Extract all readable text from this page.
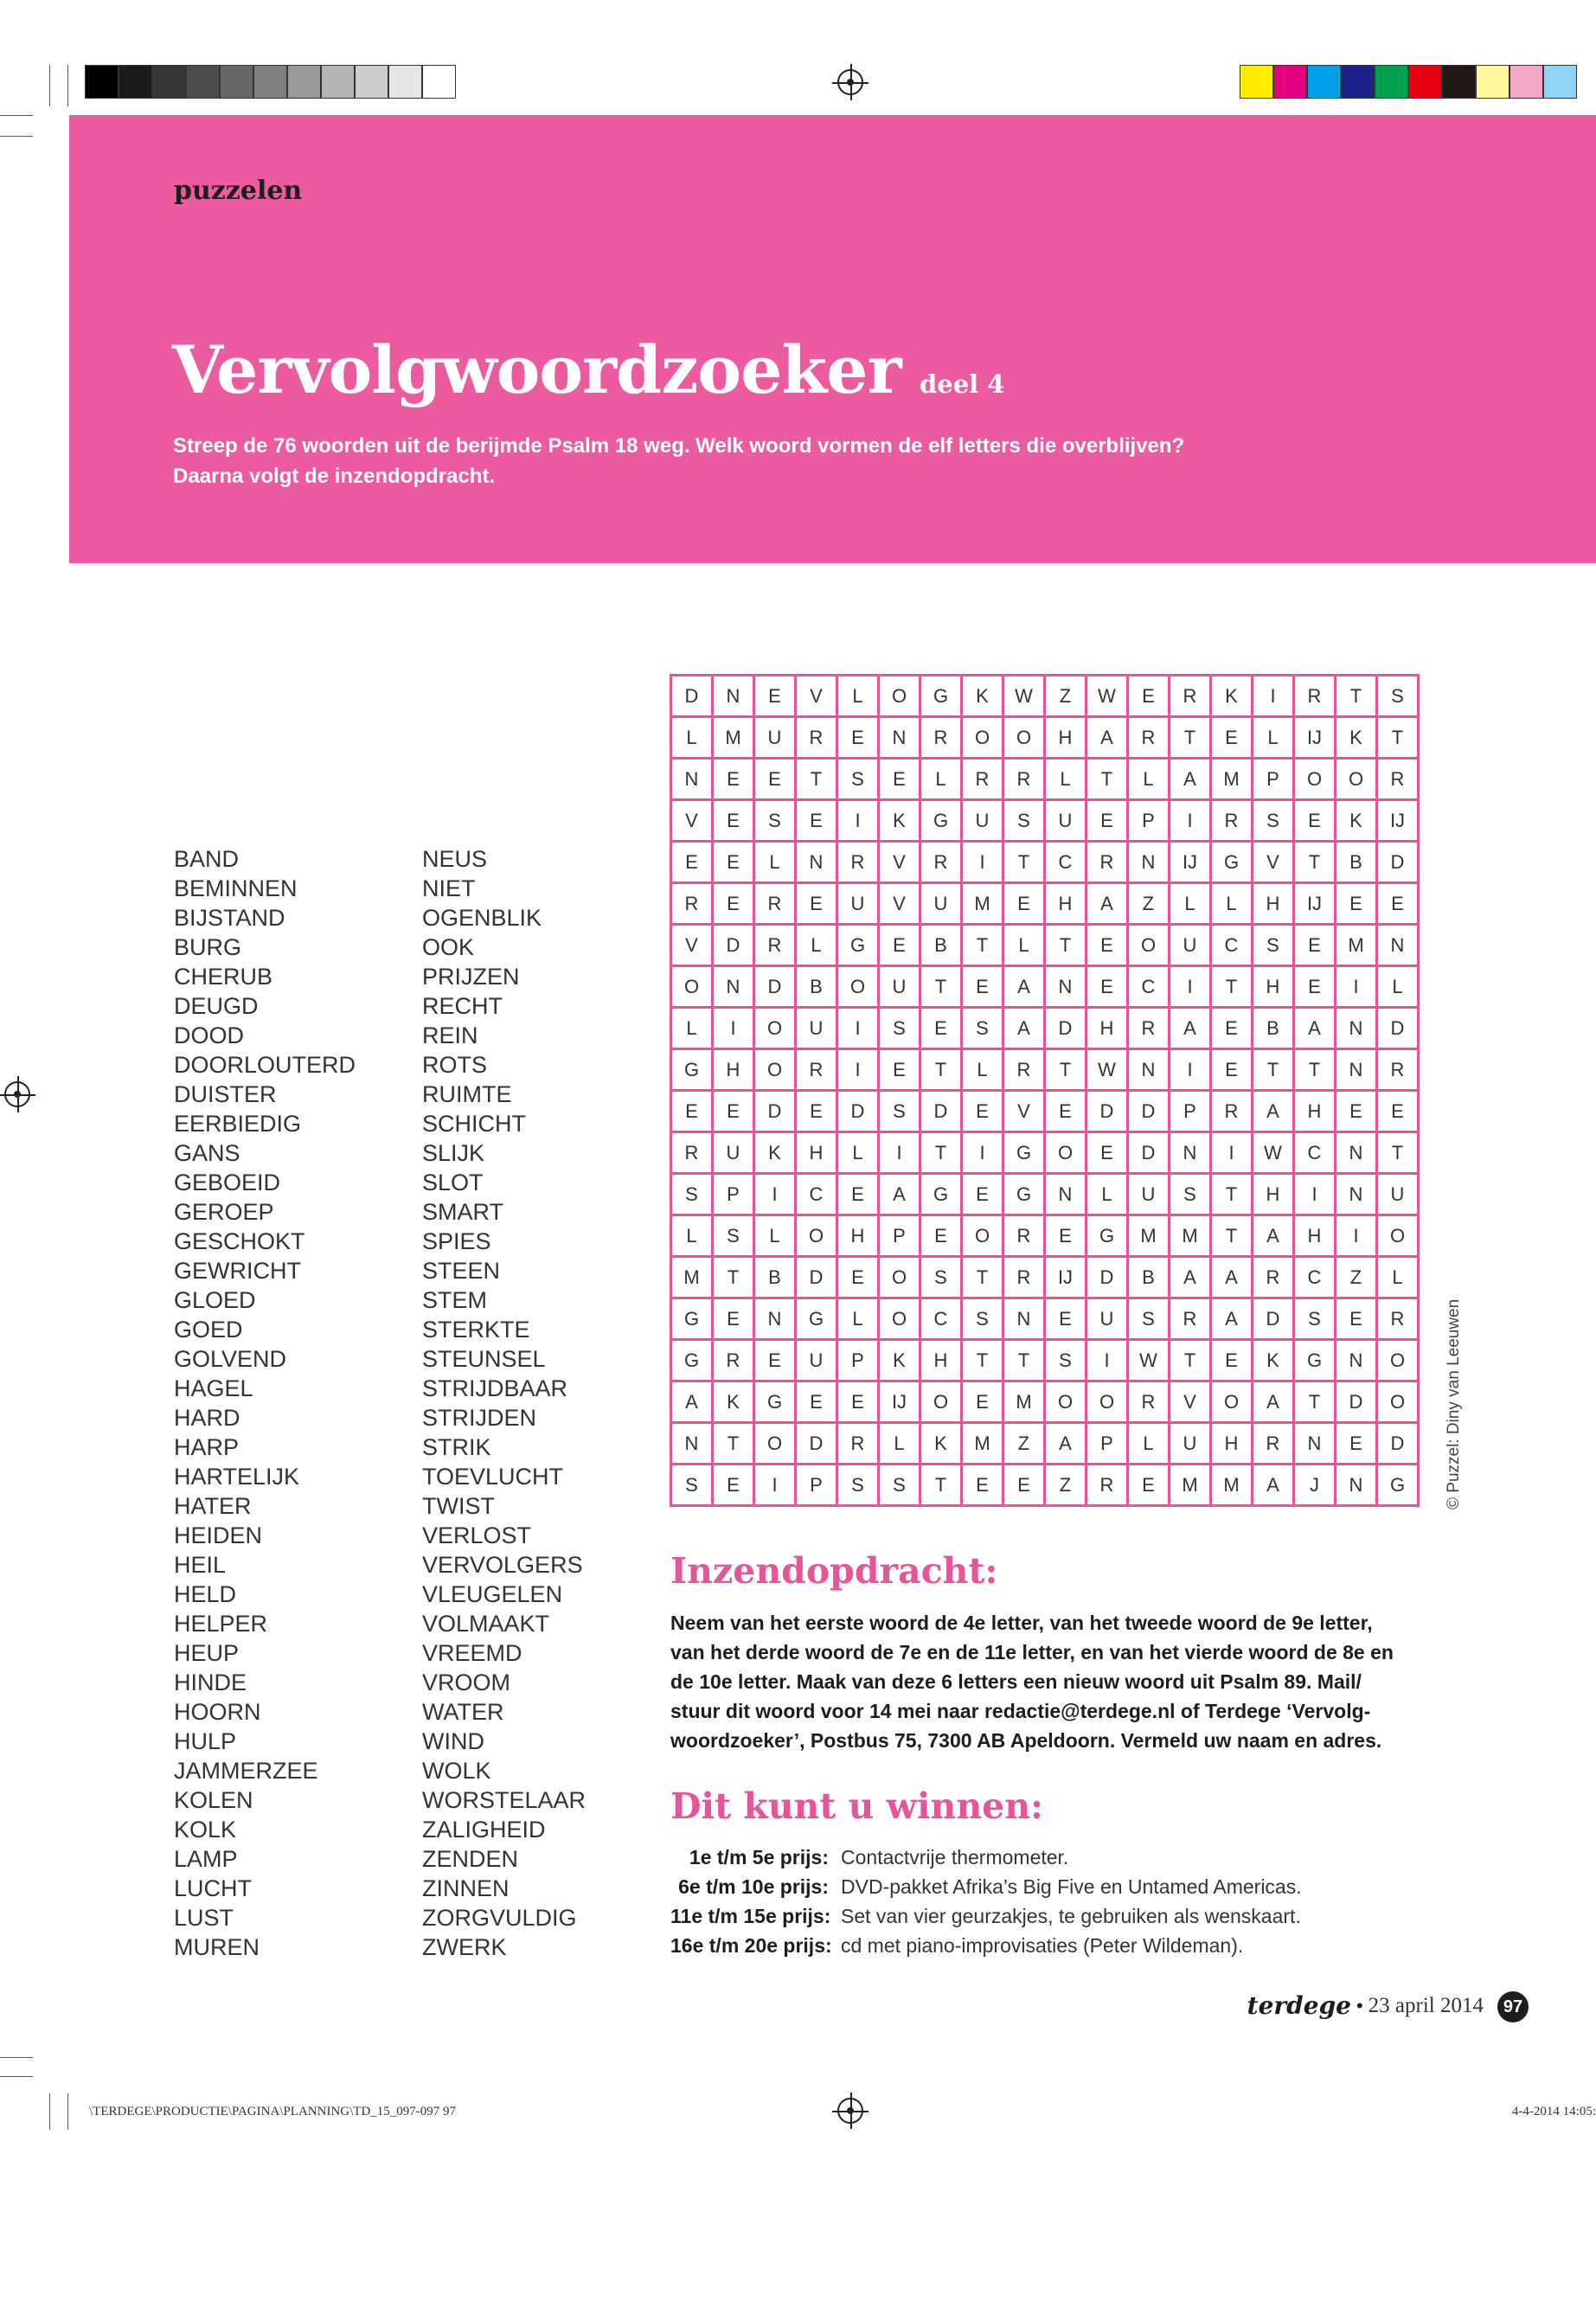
puzzelen
Vervolgwoordzoeker deel 4
Streep de 76 woorden uit de berijmde Psalm 18 weg. Welk woord vormen de elf letters die overblijven?
Daarna volgt de inzendopdracht.
BAND
BEMINNEN
BIJSTAND
BURG
CHERUB
DEUGD
DOOD
DOORLOUTERD
DUISTER
EERBIEDIG
GANS
GEBOEID
GEROEP
GESCHOKT
GEWRICHT
GLOED
GOED
GOLVEND
HAGEL
HARD
HARP
HARTELIJK
HATER
HEIDEN
HEIL
HELD
HELPER
HEUP
HINDE
HOORN
HULP
JAMMERZEE
KOLEN
KOLK
LAMP
LUCHT
LUST
MUREN
NEUS
NIET
OGENBLIK
OOK
PRIJZEN
RECHT
REIN
ROTS
RUIMTE
SCHICHT
SLIJK
SLOT
SMART
SPIES
STEEN
STEM
STERKTE
STEUNSEL
STRIJDBAAR
STRIJDEN
STRIK
TOEVLUCHT
TWIST
VERLOST
VERVOLGERS
VLEUGELEN
VOLMAAKT
VREEMD
VROOM
WATER
WIND
WOLK
WORSTELAAR
ZALIGHEID
ZENDEN
ZINNEN
ZORGVULDIG
ZWERK
D	N	E	V	L	O	G	K	W	Z	W	E	R	K	I	R	T	S
L	M	U	R	E	N	R	O	O	H	A	R	T	E	L	IJ	K	T
N	E	E	T	S	E	L	R	R	L	T	L	A	M	P	O	O	R
V	E	S	E	I	K	G	U	S	U	E	P	I	R	S	E	K	IJ
E	E	L	N	R	V	R	I	T	C	R	N	IJ	G	V	T	B	D
R	E	R	E	U	V	U	M	E	H	A	Z	L	L	H	IJ	E	E
V	D	R	L	G	E	B	T	L	T	E	O	U	C	S	E	M	N
O	N	D	B	O	U	T	E	A	N	E	C	I	T	H	E	I	L
L	I	O	U	I	S	E	S	A	D	H	R	A	E	B	A	N	D
G	H	O	R	I	E	T	L	R	T	W	N	I	E	T	T	N	R
E	E	D	E	D	S	D	E	V	E	D	D	P	R	A	H	E	E
R	U	K	H	L	I	T	I	G	O	E	D	N	I	W	C	N	T
S	P	I	C	E	A	G	E	G	N	L	U	S	T	H	I	N	U
L	S	L	O	H	P	E	O	R	E	G	M	M	T	A	H	I	O
M	T	B	D	E	O	S	T	R	IJ	D	B	A	A	R	C	Z	L
G	E	N	G	L	O	C	S	N	E	U	S	R	A	D	S	E	R
G	R	E	U	P	K	H	T	T	S	I	W	T	E	K	G	N	O
A	K	G	E	E	IJ	O	E	M	O	O	R	V	O	A	T	D	O
N	T	O	D	R	L	K	M	Z	A	P	L	U	H	R	N	E	D
S	E	I	P	S	S	T	E	E	Z	R	E	M	M	A	J	N	G	© Puzzel: Diny van Leeuwen
Inzendopdracht:
Neem van het eerste woord de 4e letter, van het tweede woord de 9e letter,
van het derde woord de 7e en de 11e letter, en van het vierde woord de 8e en
de 10e letter. Maak van deze 6 letters een nieuw woord uit Psalm 89. Mail/
stuur dit woord voor 14 mei naar redactie@terdege.nl of Terdege ‘Vervolg-
woordzoeker’, Postbus 75, 7300 AB Apeldoorn. Vermeld uw naam en adres.
Dit kunt u winnen:
1e t/m 5e prijs: Contactvrije thermometer.
6e t/m 10e prijs: DVD-pakket Afrika’s Big Five en Untamed Americas.
11e t/m 15e prijs: Set van vier geurzakjes, te gebruiken als wenskaart.
16e t/m 20e prijs: cd met piano-improvisaties (Peter Wildeman).
terdege • 23 april 2014	97
\TERDEGE\PRODUCTIE\PAGINA\PLANNING\TD_15_097-097 97	4-4-2014 14:05:
